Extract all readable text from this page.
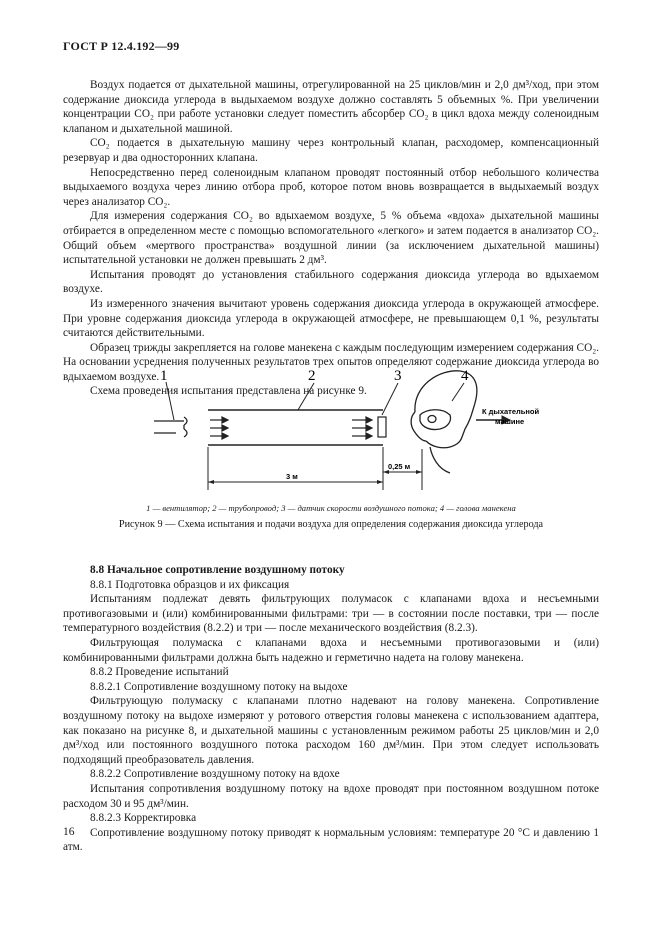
ГОСТ Р 12.4.192—99

Воздух подается от дыхательной машины, отрегулированной на 25 циклов/мин и 2,0 дм³/ход, при этом содержание диоксида углерода в выдыхаемом воздухе должно составлять 5 объемных %. При увеличении концентрации CO₂ при работе установки следует поместить абсорбер CO₂ в цикл вдоха между соленоидным клапаном и дыхательной машиной.

CO₂ подается в дыхательную машину через контрольный клапан, расходомер, компенсационный резервуар и два односторонних клапана.

Непосредственно перед соленоидным клапаном проводят постоянный отбор небольшого количества выдыхаемого воздуха через линию отбора проб, которое потом вновь возвращается в выдыхаемый воздух через анализатор CO₂.

Для измерения содержания CO₂ во вдыхаемом воздухе, 5 % объема «вдоха» дыхательной машины отбирается в определенном месте с помощью вспомогательного «легкого» и затем подается в анализатор CO₂. Общий объем «мертвого пространства» воздушной линии (за исключением дыхательной машины) испытательной установки не должен превышать 2 дм³.

Испытания проводят до установления стабильного содержания диоксида углерода во вдыхаемом воздухе.

Из измеренного значения вычитают уровень содержания диоксида углерода в окружающей атмосфере. При уровне содержания диоксида углерода в окружающей атмосфере, не превышающем 0,1 %, результаты считаются действительными.

Образец трижды закрепляется на голове манекена с каждым последующим измерением содержания CO₂. На основании усреднения полученных результатов трех опытов определяют содержание диоксида углерода во вдыхаемом воздухе.

Схема проведения испытания представлена на рисунке 9.

1	2	3	4
К дыхательной
машине
3 м
0,25 м
1 — вентилятор; 2 — трубопровод; 3 — датчик скорости воздушного потока; 4 — голова манекена
Рисунок 9 — Схема испытания и подачи воздуха для определения содержания диоксида углерода

8.8 Начальное сопротивление воздушному потоку

8.8.1 Подготовка образцов и их фиксация

Испытаниям подлежат девять фильтрующих полумасок с клапанами вдоха и несъемными противогазовыми и (или) комбинированными фильтрами: три — в состоянии после поставки, три — после температурного воздействия (8.2.2) и три — после механического воздействия (8.2.3).

Фильтрующая полумаска с клапанами вдоха и несъемными противогазовыми и (или) комбинированными фильтрами должна быть надежно и герметично надета на голову манекена.

8.8.2 Проведение испытаний

8.8.2.1 Сопротивление воздушному потоку на выдохе

Фильтрующую полумаску с клапанами плотно надевают на голову манекена. Сопротивление воздушному потоку на выдохе измеряют у ротового отверстия головы манекена с использованием адаптера, как показано на рисунке 8, и дыхательной машины с установленным режимом работы 25 циклов/мин и 2,0 дм³/ход или постоянного воздушного потока расходом 160 дм³/мин. При этом следует использовать подходящий преобразователь давления.

8.8.2.2 Сопротивление воздушному потоку на вдохе

Испытания сопротивления воздушному потоку на вдохе проводят при постоянном воздушном потоке расходом 30 и 95 дм³/мин.

8.8.2.3 Корректировка

Сопротивление воздушному потоку приводят к нормальным условиям: температуре 20 °С и давлению 1 атм.

16
